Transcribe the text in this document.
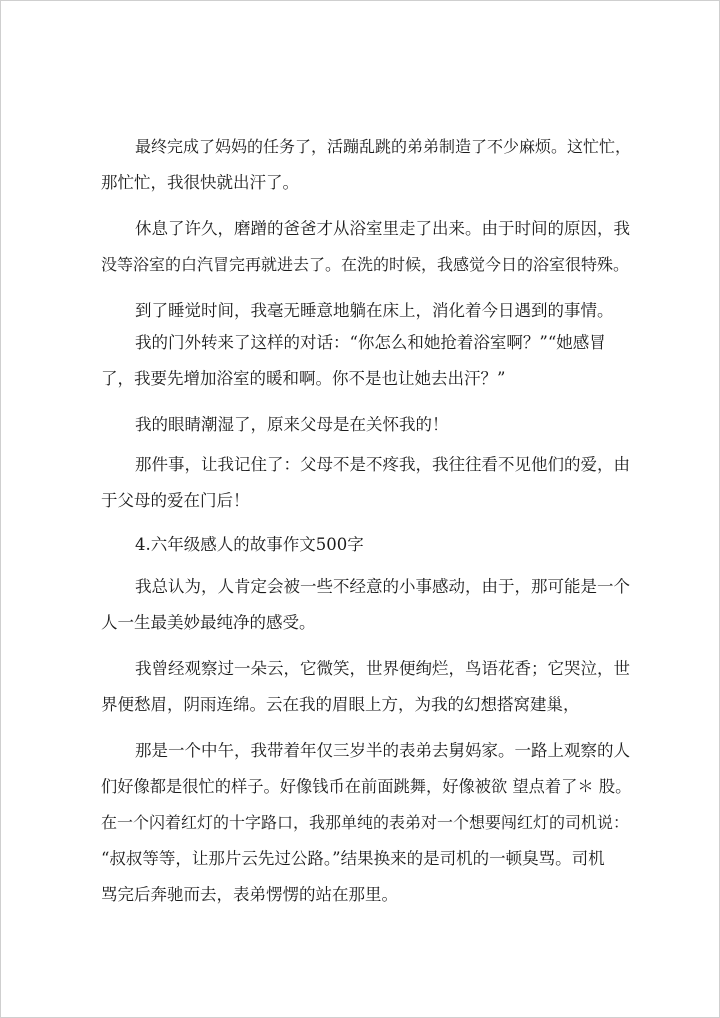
最终完成了妈妈的任务了，活蹦乱跳的弟弟制造了不少麻烦。这忙忙，
那忙忙，我很快就出汗了。
休息了许久，磨蹭的爸爸才从浴室里走了出来。由于时间的原因，我
没等浴室的白汽冒完再就进去了。在洗的时候，我感觉今日的浴室很特殊。
到了睡觉时间，我毫无睡意地躺在床上，消化着今日遇到的事情。
我的门外转来了这样的对话：“你怎么和她抢着浴室啊？”“她感冒
了，我要先增加浴室的暖和啊。你不是也让她去出汗？”
我的眼睛潮湿了，原来父母是在关怀我的！
那件事，让我记住了：父母不是不疼我，我往往看不见他们的爱，由
于父母的爱在门后！
4.六年级感人的故事作文500字
我总认为，人肯定会被一些不经意的小事感动，由于，那可能是一个
人一生最美妙最纯净的感受。
我曾经观察过一朵云，它微笑，世界便绚烂，鸟语花香；它哭泣，世
界便愁眉，阴雨连绵。云在我的眉眼上方，为我的幻想搭窝建巢，
那是一个中午，我带着年仅三岁半的表弟去舅妈家。一路上观察的人
们好像都是很忙的样子。好像钱币在前面跳舞，好像被欲 望点着了＊ 股。
在一个闪着红灯的十字路口，我那单纯的表弟对一个想要闯红灯的司机说：
“叔叔等等，让那片云先过公路。”结果换来的是司机的一顿臭骂。司机
骂完后奔驰而去，表弟愣愣的站在那里。
